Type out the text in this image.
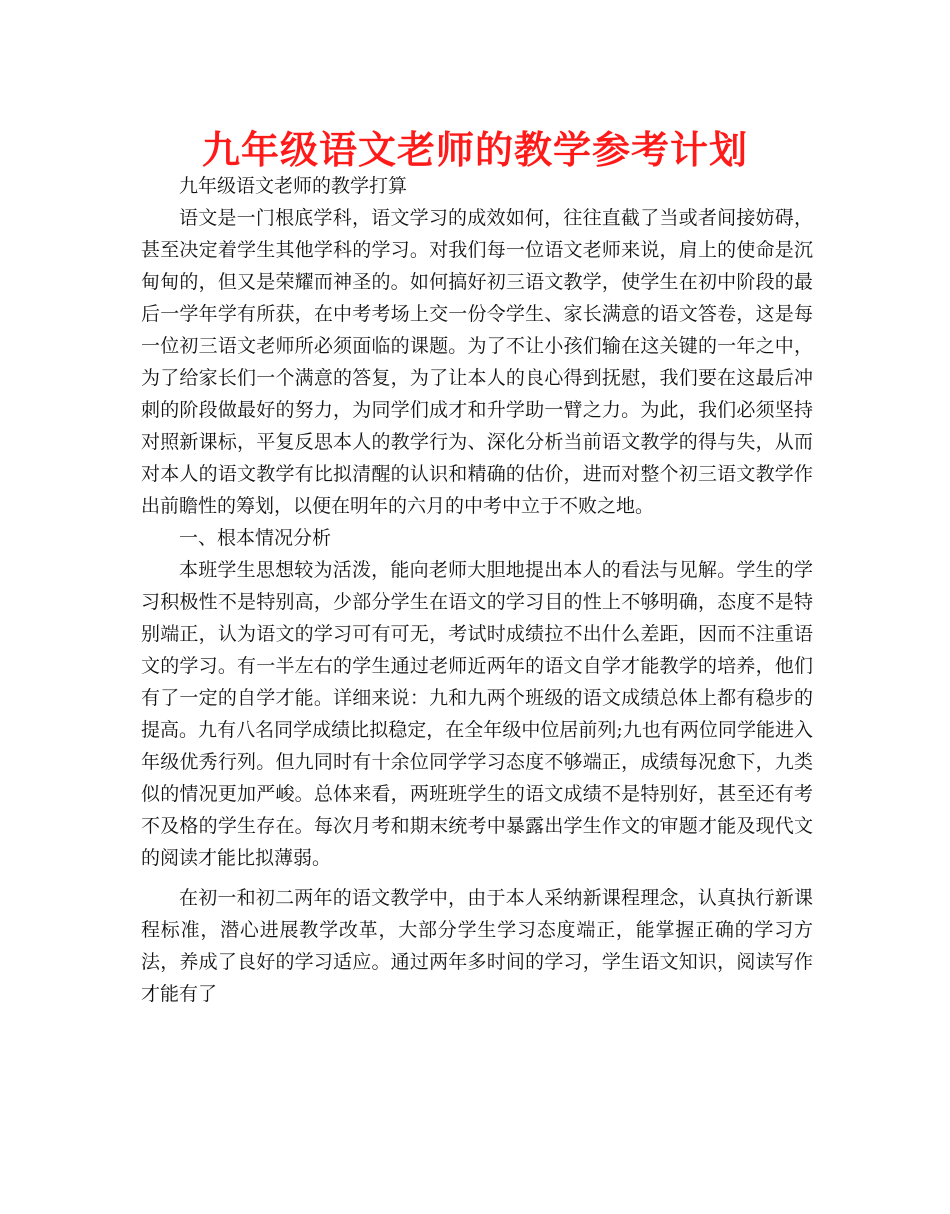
九年级语文老师的教学参考计划

九年级语文老师的教学打算

语文是一门根底学科，语文学习的成效如何，往往直截了当或者间接妨碍，甚至决定着学生其他学科的学习。对我们每一位语文老师来说，肩上的使命是沉甸甸的，但又是荣耀而神圣的。如何搞好初三语文教学，使学生在初中阶段的最后一学年学有所获，在中考考场上交一份令学生、家长满意的语文答卷，这是每一位初三语文老师所必须面临的课题。为了不让小孩们输在这关键的一年之中，为了给家长们一个满意的答复，为了让本人的良心得到抚慰，我们要在这最后冲刺的阶段做最好的努力，为同学们成才和升学助一臂之力。为此，我们必须坚持对照新课标，平复反思本人的教学行为、深化分析当前语文教学的得与失，从而对本人的语文教学有比拟清醒的认识和精确的估价，进而对整个初三语文教学作出前瞻性的筹划，以便在明年的六月的中考中立于不败之地。

一、根本情况分析

本班学生思想较为活泼，能向老师大胆地提出本人的看法与见解。学生的学习积极性不是特别高，少部分学生在语文的学习目的性上不够明确，态度不是特别端正，认为语文的学习可有可无，考试时成绩拉不出什么差距，因而不注重语文的学习。有一半左右的学生通过老师近两年的语文自学才能教学的培养，他们有了一定的自学才能。详细来说：九和九两个班级的语文成绩总体上都有稳步的提高。九有八名同学成绩比拟稳定，在全年级中位居前列;九也有两位同学能进入年级优秀行列。但九同时有十余位同学学习态度不够端正，成绩每况愈下，九类似的情况更加严峻。总体来看，两班班学生的语文成绩不是特别好，甚至还有考不及格的学生存在。每次月考和期末统考中暴露出学生作文的审题才能及现代文的阅读才能比拟薄弱。

在初一和初二两年的语文教学中，由于本人采纳新课程理念，认真执行新课程标准，潜心进展教学改革，大部分学生学习态度端正，能掌握正确的学习方法，养成了良好的学习适应。通过两年多时间的学习，学生语文知识，阅读写作才能有了
